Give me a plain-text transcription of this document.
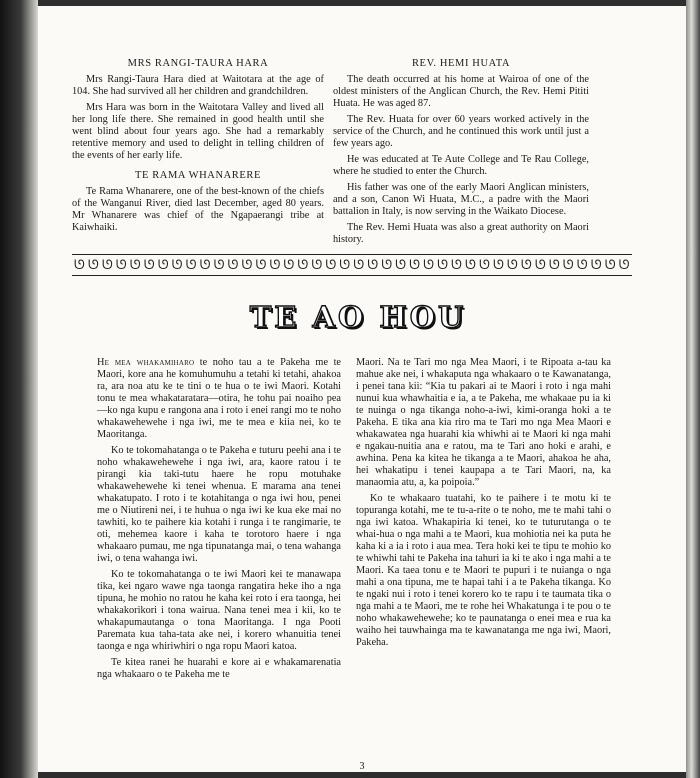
MRS RANGI-TAURA HARA

Mrs Rangi-Taura Hara died at Waitotara at the age of 104. She had survived all her children and grandchildren.

Mrs Hara was born in the Waitotara Valley and lived all her long life there. She remained in good health until she went blind about four years ago. She had a remarkably retentive memory and used to delight in telling children of the events of her early life.

TE RAMA WHANARERE

Te Rama Whanarere, one of the best-known of the chiefs of the Wanganui River, died last December, aged 80 years. Mr Whanarere was chief of the Ngapaerangi tribe at Kaiwhaiki.

REV. HEMI HUATA

The death occurred at his home at Wairoa of one of the oldest ministers of the Anglican Church, the Rev. Hemi Pititi Huata. He was aged 87.

The Rev. Huata for over 60 years worked actively in the service of the Church, and he continued this work until just a few years ago.

He was educated at Te Aute College and Te Rau College, where he studied to enter the Church.

His father was one of the early Maori Anglican ministers, and a son, Canon Wi Huata, M.C., a padre with the Maori battalion in Italy, is now serving in the Waikato Diocese.

The Rev. Hemi Huata was also a great authority on Maori history.

ᘎ ᘎ ᘎ ᘎ ᘎ ᘎ ᘎ ᘎ ᘎ ᘎ ᘎ ᘎ ᘎ ᘎ ᘎ ᘎ ᘎ ᘎ ᘎ ᘎ ᘎ ᘎ ᘎ ᘎ ᘎ ᘎ ᘎ ᘎ ᘎ ᘎ ᘎ ᘎ ᘎ ᘎ ᘎ ᘎ ᘎ ᘎ ᘎ ᘎ
TE AO HOU

He mea whakamiharo te noho tau a te Pakeha me te Maori, kore ana he komuhumuhu a tetahi ki tetahi, ahakoa ra, ara noa atu ke te tini o te hua o te iwi Maori. Kotahi tonu te mea whakataratara—otira, he tohu pai noaiho pea—ko nga kupu e rangona ana i roto i enei rangi mo te noho whakawehewehe i nga iwi, me te mea e kiia nei, ko te Maoritanga.

Ko te tokomahatanga o te Pakeha e tuturu peehi ana i te noho whakawehewehe i nga iwi, ara, kaore ratou i te pirangi kia taki-tutu haere he ropu motuhake whakawehewehe ki tenei whenua. E marama ana tenei whakatupato. I roto i te kotahitanga o nga iwi hou, penei me o Niutireni nei, i te huhua o nga iwi ke kua eke mai no tawhiti, ko te paihere kia kotahi i runga i te rangimarie, te oti, mehemea kaore i kaha te torotoro haere i nga whakaaro pumau, me nga tipunatanga mai, o tena wahanga iwi, o tena wahanga iwi.

Ko te tokomahatanga o te iwi Maori kei te manawapa tika, kei ngaro wawe nga taonga rangatira heke iho a nga tipuna, he mohio no ratou he kaha kei roto i era taonga, hei whakakorikori i tona wairua. Nana tenei mea i kii, ko te whakapumautanga o tona Maoritanga. I nga Pooti Paremata kua taha-tata ake nei, i korero whanuitia tenei taonga e nga whiriwhiri o nga ropu Maori katoa.

Te kitea ranei he huarahi e kore ai e whakamarenatia nga whakaaro o te Pakeha me te

Maori. Na te Tari mo nga Mea Maori, i te Ripoata a-tau ka mahue ake nei, i whakaputa nga whakaaro o te Kawanatanga, i penei tana kii: “Kia tu pakari ai te Maori i roto i nga mahi nunui kua whawhaitia e ia, a te Pakeha, me whakaae pu ia ki te nuinga o nga tikanga noho-a-iwi, kimi-oranga hoki a te Pakeha. E tika ana kia riro ma te Tari mo nga Mea Maori e whakawatea nga huarahi kia whiwhi ai te Maori ki nga mahi e ngakau-nuitia ana e ratou, ma te Tari ano hoki e arahi, e awhina. Pena ka kitea he tikanga a te Maori, ahakoa he aha, hei whakatipu i tenei kaupapa a te Tari Maori, na, ka manaomia atu, a, ka poipoia.”

Ko te whakaaro tuatahi, ko te paihere i te motu ki te topuranga kotahi, me te tu-a-rite o te noho, me te mahi tahi o nga iwi katoa. Whakapiria ki tenei, ko te tuturutanga o te whai-hua o nga mahi a te Maori, kua mohiotia nei ka puta he kaha ki a ia i roto i aua mea. Tera hoki kei te tipu te mohio ko te whiwhi tahi te Pakeha ina tahuri ia ki te ako i nga mahi a te Maori. Ka taea tonu e te Maori te pupuri i te nuianga o nga mahi a ona tipuna, me te hapai tahi i a te Pakeha tikanga. Ko te ngaki nui i roto i tenei korero ko te rapu i te taumata tika o nga mahi a te Maori, me te rohe hei Whakatunga i te pou o te noho whakawehewehe; ko te paunatanga o enei mea e rua ka waiho hei tauwhainga ma te kawanatanga me nga iwi, Maori, Pakeha.

3
